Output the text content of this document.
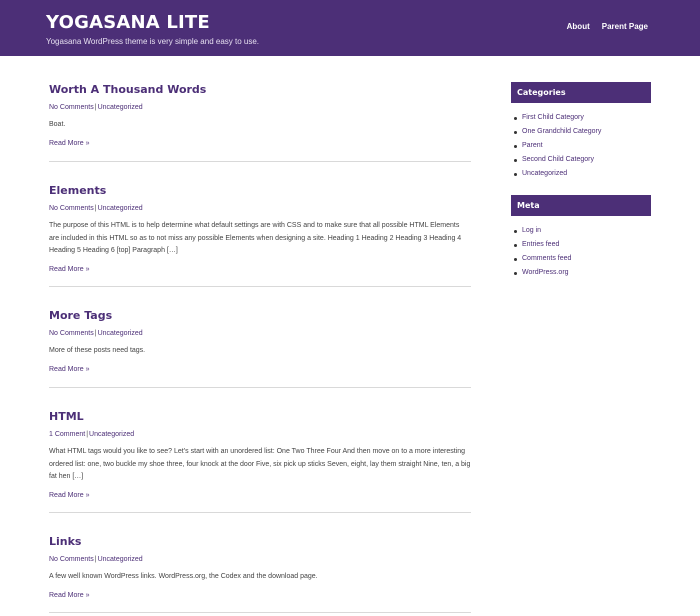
YOGASANA LITE
Yogasana WordPress theme is very simple and easy to use.
About Parent Page
Worth A Thousand Words
No Comments|Uncategorized
Boat.
Read More »
Elements
No Comments|Uncategorized
The purpose of this HTML is to help determine what default settings are with CSS and to make sure that all possible HTML Elements are included in this HTML so as to not miss any possible Elements when designing a site. Heading 1 Heading 2 Heading 3 Heading 4 Heading 5 Heading 6 [top] Paragraph […]
Read More »
More Tags
No Comments|Uncategorized
More of these posts need tags.
Read More »
HTML
1 Comment|Uncategorized
What HTML tags would you like to see? Let’s start with an unordered list: One Two Three Four And then move on to a more interesting ordered list: one, two buckle my shoe three, four knock at the door Five, six pick up sticks Seven, eight, lay them straight Nine, ten, a big fat hen […]
Read More »
Links
No Comments|Uncategorized
A few well known WordPress links. WordPress.org, the Codex and the download page.
Read More »
Categories
First Child Category
One Grandchild Category
Parent
Second Child Category
Uncategorized
Meta
Log in
Entries feed
Comments feed
WordPress.org
